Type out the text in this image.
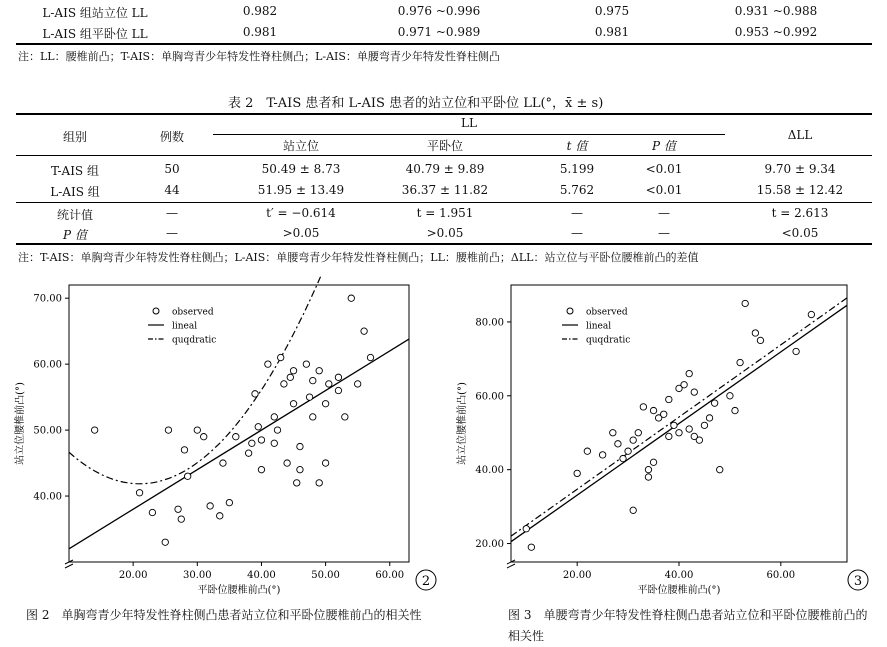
L-AIS 组站立位 LL	0.982	0.976 ~0.996	0.975	0.931 ~0.988
L-AIS 组平卧位 LL	0.981	0.971 ~0.989	0.981	0.953 ~0.992
注：LL：腰椎前凸；T-AIS：单胸弯青少年特发性脊柱侧凸；L-AIS：单腰弯青少年特发性脊柱侧凸
表 2　T-AIS 患者和 L-AIS 患者的站立位和平卧位 LL(°，x̄ ± s)
组别	例数
LL
站立位	平卧位	t 值	P 值
ΔLL
T-AIS 组	50	50.49 ± 8.73	40.79 ± 9.89	5.199	<0.01	9.70 ± 9.34
L-AIS 组	44	51.95 ± 13.49	36.37 ± 11.82	5.762	<0.01	15.58 ± 12.42
统计值	—	t′ = −0.614	t = 1.951	—	—	t = 2.613
P 值	—	>0.05	>0.05	—	—	<0.05
注：T-AIS：单胸弯青少年特发性脊柱侧凸；L-AIS：单腰弯青少年特发性脊柱侧凸；LL：腰椎前凸；ΔLL：站立位与平卧位腰椎前凸的差值
20.00	30.00	40.00	50.00	60.00
40.00
50.00
60.00
70.00
平卧位腰椎前凸(°)
站立位腰椎前凸(°)
observed
lineal
quqdratic
2	20.00	40.00	60.00
20.00
40.00
60.00
80.00
平卧位腰椎前凸(°)
站立位腰椎前凸(°)
observed
lineal
quqdratic
3
图 2　单胸弯青少年特发性脊柱侧凸患者站立位和平卧位腰椎前凸的相关性	图 3　单腰弯青少年特发性脊柱侧凸患者站立位和平卧位腰椎前凸的相关性
